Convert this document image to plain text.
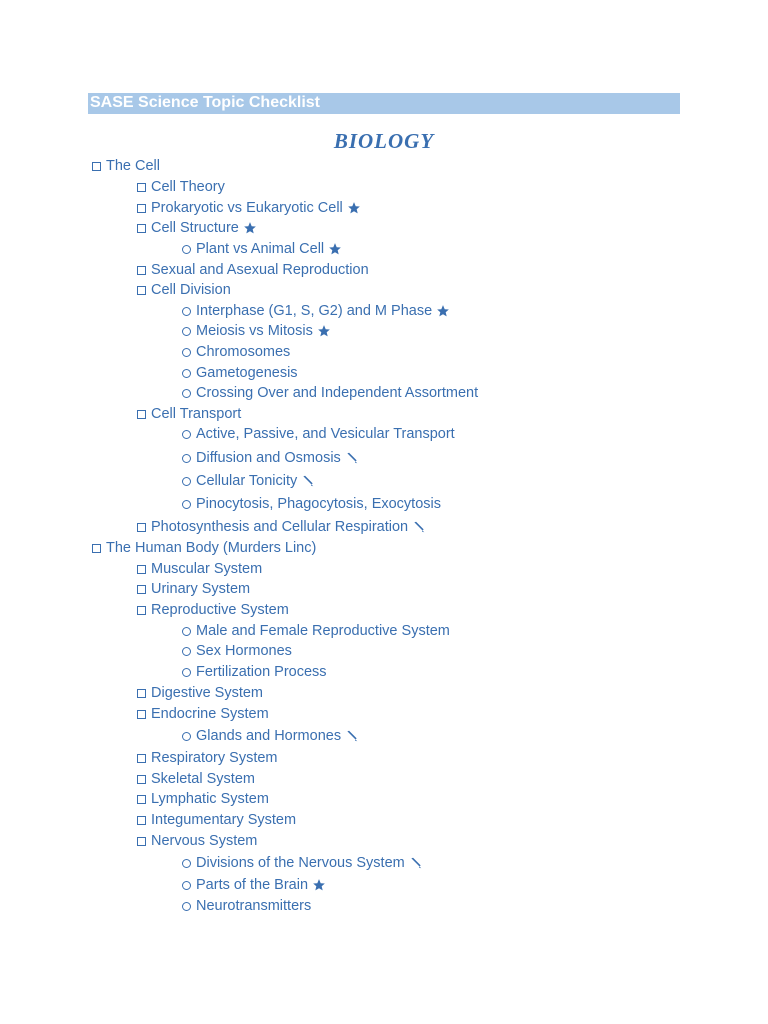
SASE Science Topic Checklist
BIOLOGY
The Cell
Cell Theory
Prokaryotic vs Eukaryotic Cell
Cell Structure
Plant vs Animal Cell
Sexual and Asexual Reproduction
Cell Division
Interphase (G1, S, G2) and M Phase
Meiosis vs Mitosis
Chromosomes
Gametogenesis
Crossing Over and Independent Assortment
Cell Transport
Active, Passive, and Vesicular Transport
Diffusion and Osmosis
Cellular Tonicity
Pinocytosis, Phagocytosis, Exocytosis
Photosynthesis and Cellular Respiration
The Human Body (Murders Linc)
Muscular System
Urinary System
Reproductive System
Male and Female Reproductive System
Sex Hormones
Fertilization Process
Digestive System
Endocrine System
Glands and Hormones
Respiratory System
Skeletal System
Lymphatic System
Integumentary System
Nervous System
Divisions of the Nervous System
Parts of the Brain
Neurotransmitters
